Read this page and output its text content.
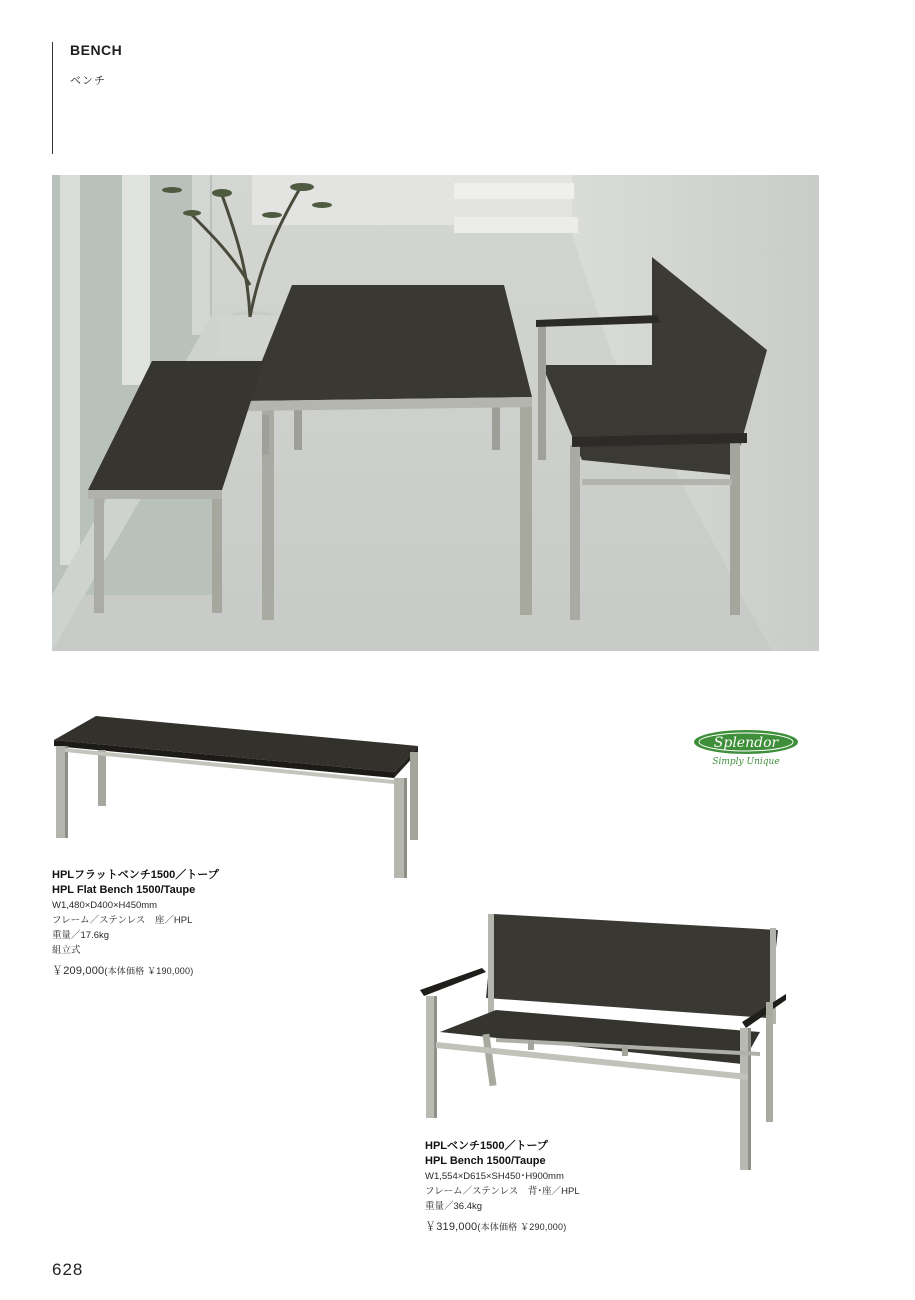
BENCH
ベンチ
Splendor
Simply Unique
HPLフラットベンチ1500／トープ
HPL Flat Bench 1500/Taupe
W1,480×D400×H450mm
フレーム／ステンレス　座／HPL
重量／17.6kg
組立式
￥209,000(本体価格 ￥190,000)
HPLベンチ1500／トープ
HPL Bench 1500/Taupe
W1,554×D615×SH450･H900mm
フレーム／ステンレス　背･座／HPL
重量／36.4kg
￥319,000(本体価格 ￥290,000)
628
